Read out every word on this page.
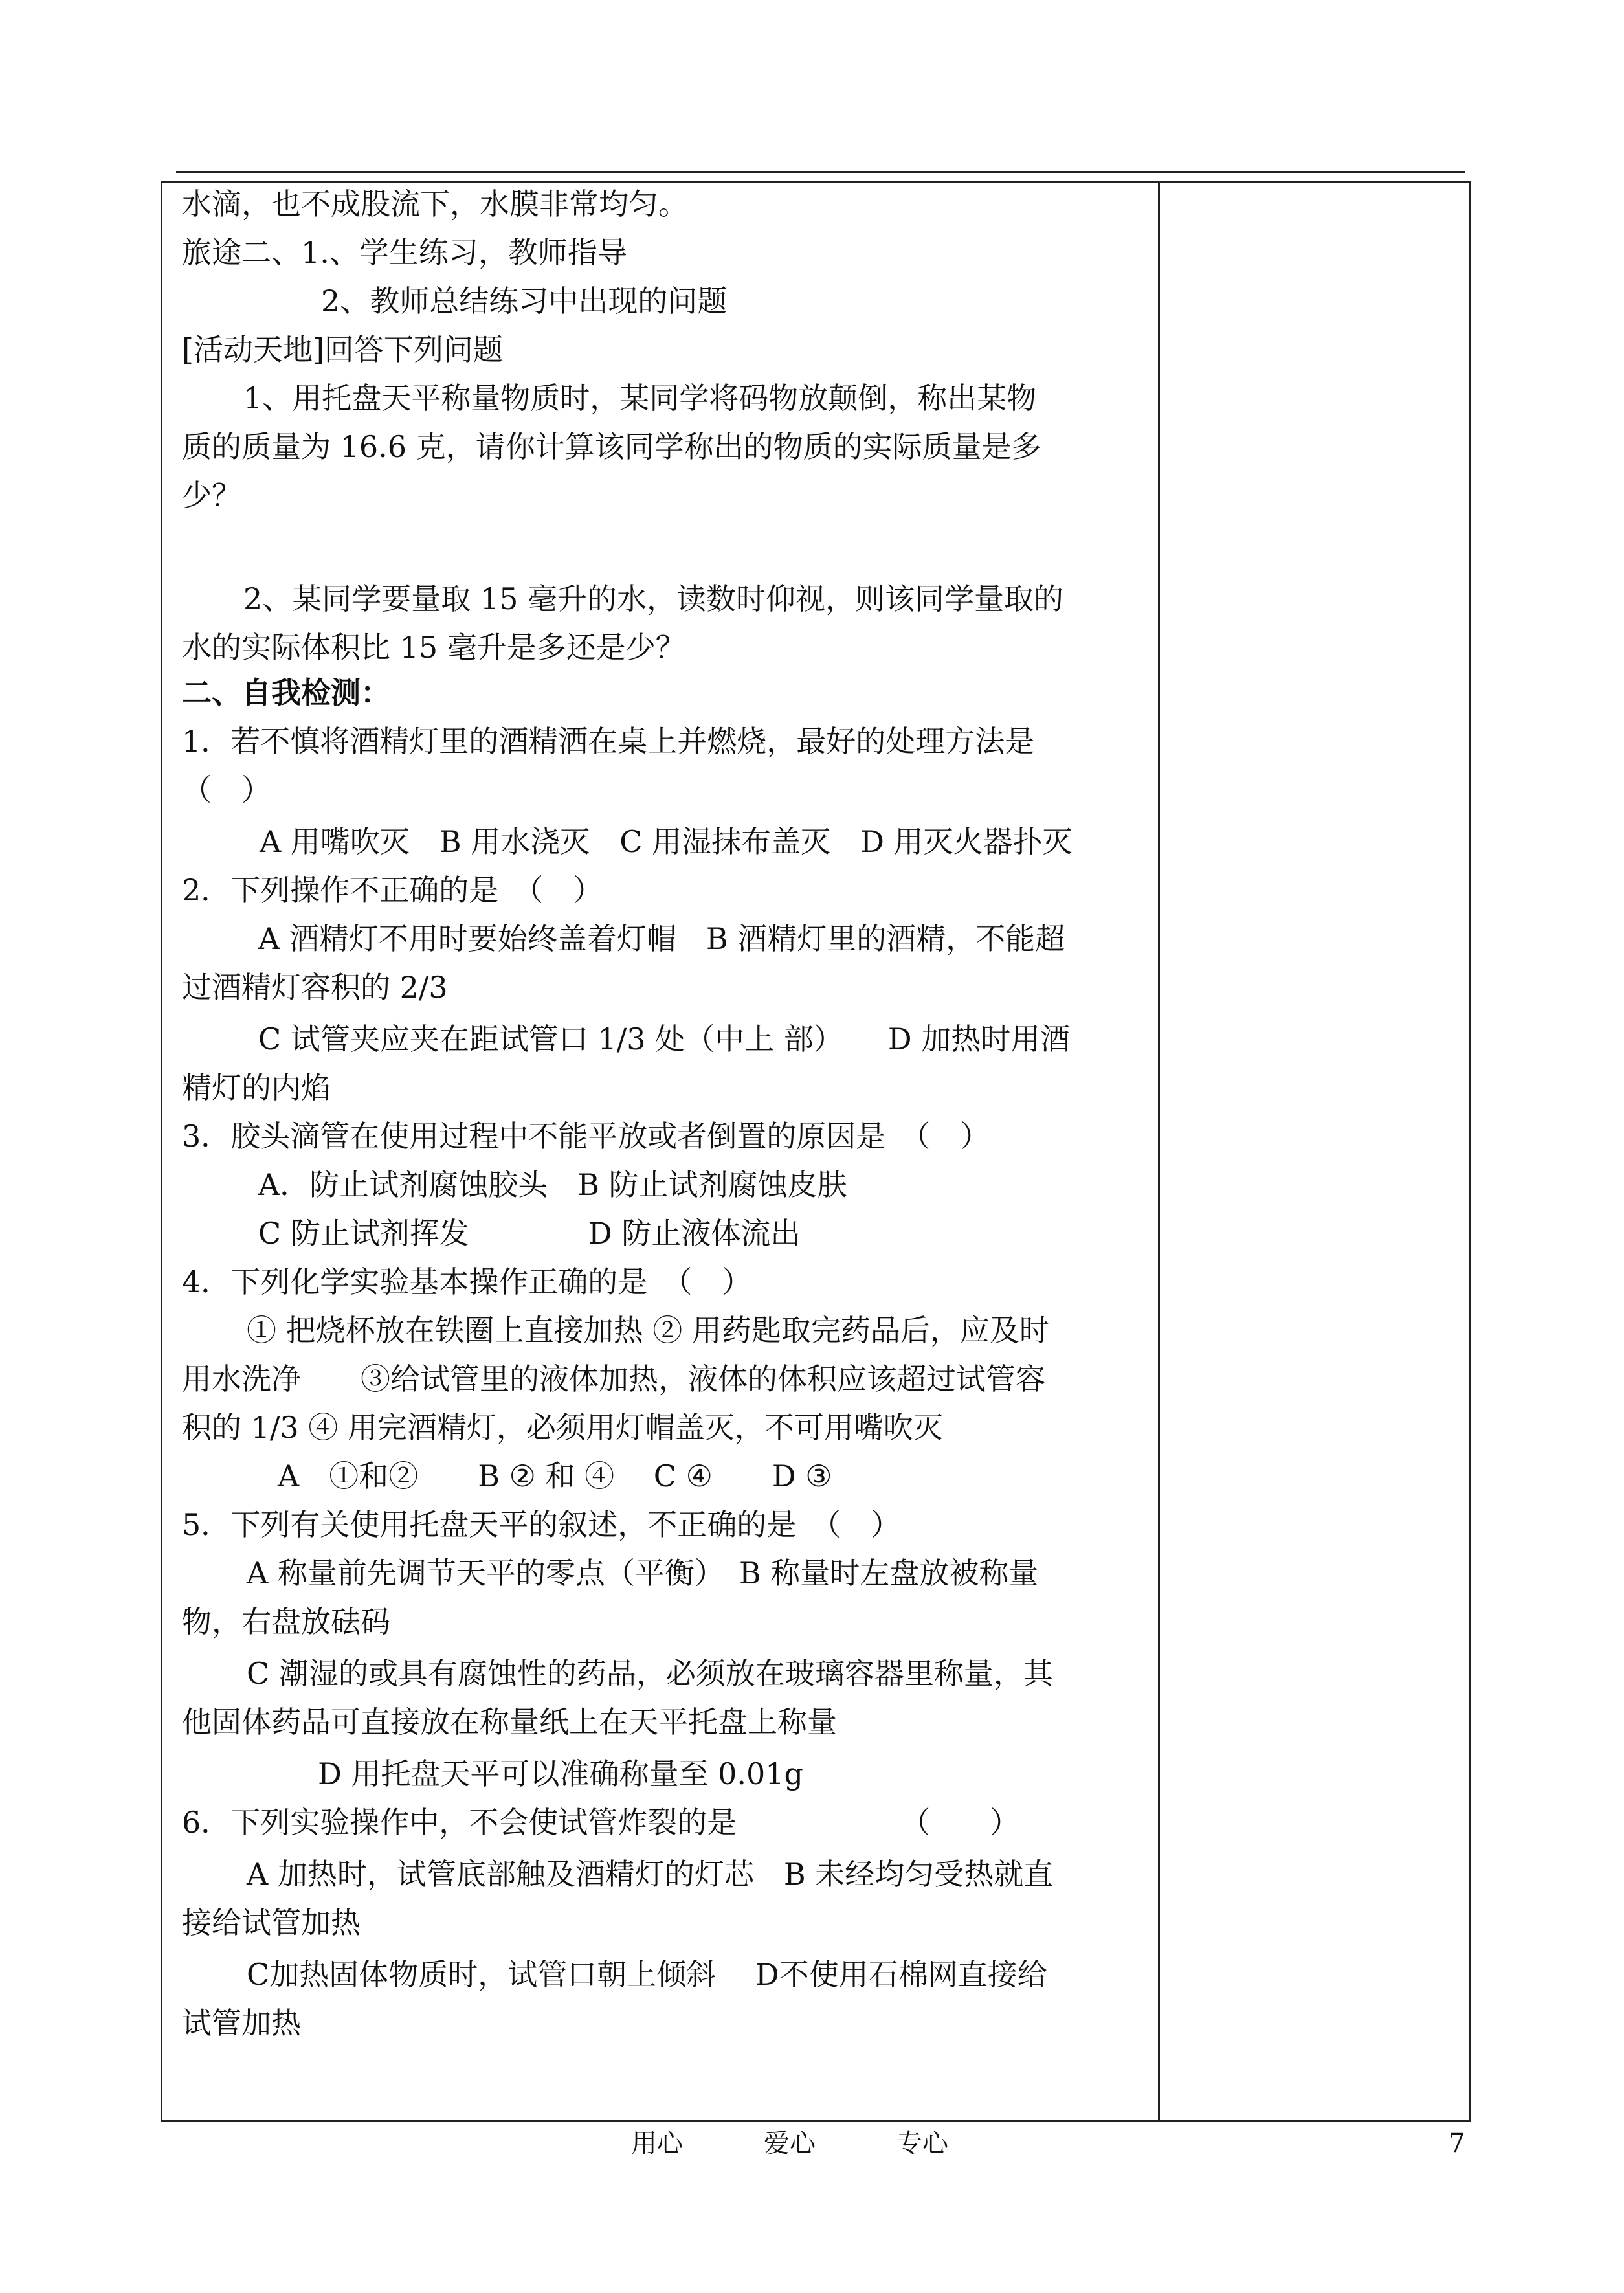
水滴，也不成股流下，水膜非常均匀。
旅途二、1.、学生练习，教师指导
2、教师总结练习中出现的问题
[活动天地]回答下列问题
1、用托盘天平称量物质时，某同学将码物放颠倒，称出某物
质的质量为 16.6 克，请你计算该同学称出的物质的实际质量是多
少？
2、某同学要量取 15 毫升的水，读数时仰视，则该同学量取的
水的实际体积比 15 毫升是多还是少？
二、自我检测：
1．若不慎将酒精灯里的酒精洒在桌上并燃烧，最好的处理方法是
（　）
A 用嘴吹灭　B 用水浇灭　C 用湿抹布盖灭　D 用灭火器扑灭
2．下列操作不正确的是　（　）
A 酒精灯不用时要始终盖着灯帽　B 酒精灯里的酒精，不能超
过酒精灯容积的 2/3
C 试管夹应夹在距试管口 1/3 处（中上 部）　　D 加热时用酒
精灯的内焰
3．胶头滴管在使用过程中不能平放或者倒置的原因是　（　）
A．防止试剂腐蚀胶头　B 防止试剂腐蚀皮肤
C 防止试剂挥发　　　　D 防止液体流出
4．下列化学实验基本操作正确的是　（　）
① 把烧杯放在铁圈上直接加热 ② 用药匙取完药品后，应及时
用水洗净　　③给试管里的液体加热，液体的体积应该超过试管容
积的 1/3 ④ 用完酒精灯，必须用灯帽盖灭，不可用嘴吹灭
A　①和②　　B ② 和 ④　 C ④　　D ③
5．下列有关使用托盘天平的叙述，不正确的是　（　）
A 称量前先调节天平的零点（平衡）　B 称量时左盘放被称量
物，右盘放砝码
C 潮湿的或具有腐蚀性的药品，必须放在玻璃容器里称量，其
他固体药品可直接放在称量纸上在天平托盘上称量
D 用托盘天平可以准确称量至 0.01g
6．下列实验操作中，不会使试管炸裂的是　　　　　　（　　）
A 加热时，试管底部触及酒精灯的灯芯　B 未经均匀受热就直
接给试管加热
C加热固体物质时，试管口朝上倾斜　 D不使用石棉网直接给
试管加热
用心	爱心	专心	7
